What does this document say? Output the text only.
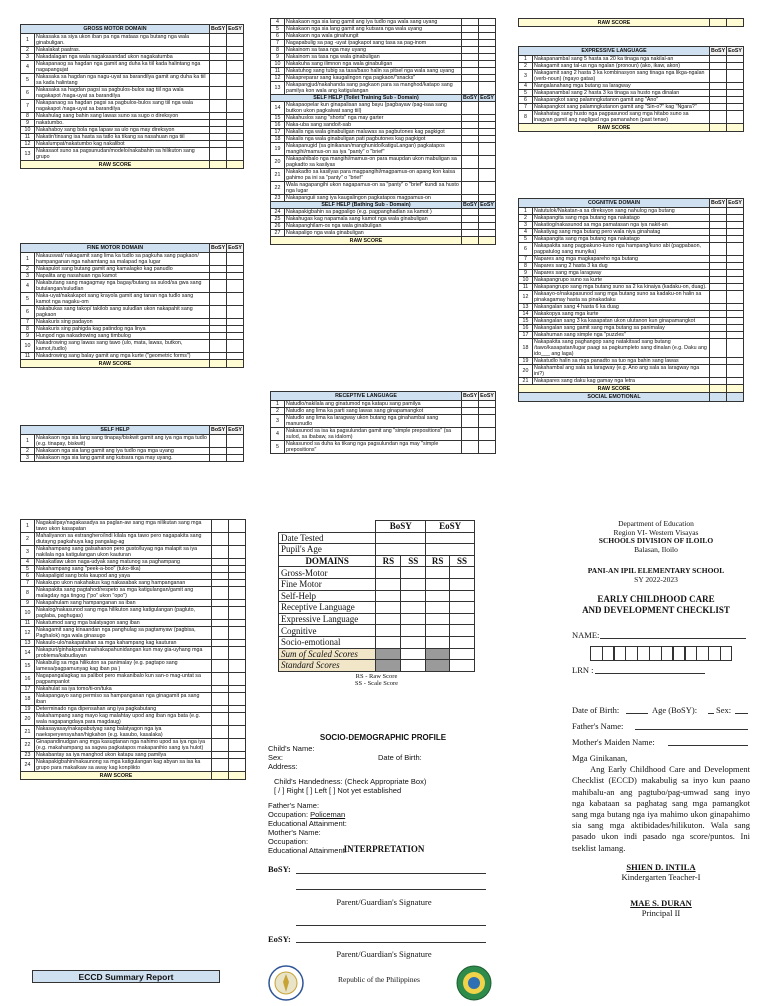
GROSS MOTOR DOMAIN		BoSY	EoSY
1	Nakasaka sa siya ukon iban pa nga mataas nga butang nga wala ginabuligan.		
2	Nakalakat paatras.		
3	Nakadalagan nga wala nagakasandad ukon nagakatumba		
4	Nakapanaog sa hagdan nga gamit ang duha ka tiil kada halintang nga nagapangujat		
5	Nakasaka sa hagdan nga nagu-uyat sa barandilya gamit ang duha ka tiil sa kada halintang		
6	Nakasaka sa hagdan pagsi sa pagbulos-bulos sag tiil nga wala nagakapot /naga-uyat sa barandilya		
7	Nakapanaog sa hagdan pagsi sa pagbulos-bulos sang tiil nga wala nagakapot /naga-uyat sa barandilya		
8	Nakahulag sang bahin sang lawas suno sa sugo o direksyon		
9	nakatumbo.		
10	Nakahaboy sang bola nga lapaw sa ulo nga may direksyon		
11	Nakatin'tinsang isa hasta sa tatlo ka tikang sa nasahuan nga tiil		
12	Nakalumpat/nakatumbo kag nakalibot		
13	Nakasaot suno sa pagsunudan/modelo/nakabahin sa hilikuton sang grupo		
RAW SCORE			
FINE MOTOR DOMAIN		BoSY	EoSY
1	Nakauswat/ nakagamit sang lima ka tudlo sa pagkuha sang pagkaon/ hampanganan nga nahamtang sa malapad nga lugar		
2	Nakapulot sang butang gamit ang kamalagko kag panudlo		
3	Napalita ang nasahuan nga kamot		
4	Nakabutang sang magagmay nga bagay/butang sa sulod/sa gwa sang butulangan/suludlan		
5	Naka-uyat/nakakapot sang krayola gamit ang tanan nga tudlo sang kamot nga nagaku-om		
6	Nakabukas sang takop/ takilob sang suludlan ukon nakapahit sang pagkaon		
7	Nakakuris sing padayon		
8	Nakakuris sing pahigda kag patindog nga linya		
9	Hungod nga nakadrowing sang timbulog		
10	Nakadrowing sang lawas sang tawo (ulo, mata, lawas, butkon, kamot,/tudlo)		
11	Nakadrowing sang balay gamit ang mga kurte ("geometric forms")		
RAW SCORE			
SELF HELP		BoSY	EoSY
1	Nakakaon nga sia lang sang tinapay/biskwit gamit ang iya nga mga tudlo (e.g. tinapay, biskwit)		
2	Nakakaon nga sia lang gamit ang iya tudlo nga mga uyang		
3	Nakakaon nga sia lang gamit ang kutsara nga may uyang.		
4	Nakakaon nga sia lang gamit ang iya tudlo nga wala sang uyang		
5	Nakakaon nga sia lang gamit ang kutsara nga wala uyang		
6	Nakakaon nga wala ginahungit		
7	Nagapabulig sa pag -uyat /pagkapot sang tasa sa pag-inom		
8	Nakainom sa tasa nga may uyang		
9	Nakainom sa tasa nga wala ginabuligan		
10	Nakakuha sang ilimnon nga wala ginabuligan		
11	Nakatuhog sang tubig sa tasa/baso halin sa pitsel nga wala sang uyang		
12	Nakapreparar sang kaugalingon nga pagkaon/"snacks"		
13	Nakapangjud/nakahanda sang pagkaon para sa manghod/katapo sang pamilya kon wala ang katigulangan		
SELF HELP (Toilet Training Sub - Domain)		BoSY	EoSY
14	Nakapaopelar kun ginapalisan sang bayu (pagbayaw /pag-isaa sang butkon ukon pagkalwat sang tiil)		
15	Nakahuslos sang "shorts" nga may garter		
16	Naka-uba sang sando/t-sab		
17	Nakalis nga wala ginabuligan maluwas sa pagbutones kag pagkigot		
18	Nakalis nga wala ginabuligan pati pagbutones kag pagkigot		
19	Nakapanugid (sa ginikanan/manghunido/katiguLangan) pagkatapos mangihi/mamus-on sa iya "panty" o "brief"		
20	Nakapahibalo nga mangihi/mamus-on para maupdan ukon mabuligan sa pagkadto sa kasilyas		
21	Nakakadto sa kasilyas para magpangihi/magpamus-on apang kon kaisa gahimo pa ini sa "panty" o "brief"		
22	Wala nagapangihi ukon nagapamus-on sa "panty" o "brief" kundi sa husto nga lugar		
23	Nakapanguii sang iya kaugalingon pagkatapos magpamus-on		
SELF HELP (Bathing Sub - Domain)		BoSY	EoSY
24	Nakapakigbahin sa pagpaligo (e.g. pagpanghadian sa kamot )		
25	Nakahugas kag napamala sang kamot nga wala ginabuligan		
26	Nakapanghilam-os nga wala ginabuligan		
27	Nakapaligo nga wala ginabuligan		
RAW SCORE			
RECEPTIVE LANGUAGE		BoSY	EoSY
1	Natudlo/nakilala ang ginatumod nga katapu sang pamilya		
2	Natudlo ang lima ka parti sang lawas sang ginapamangkot		
3	Natudlo ang lima ka laragway ukon butang nga ginahambal sang manunudlo		
4	Nakasunod sa isa ka pagsulundan gamit ang "simple prepositions" (sa sulod, sa ibabaw, sa idalom)		
5	Nakasunod sa duha ka tikang nga pagsulundan nga may "simple prepositions"		
RAW SCORE		
EXPRESSIVE LANGUAGE		BoSY	EoSY
1	Nakapanambal sang 5 hasta sa 20 ka tinaga nga nakilal-an		
2	Nakagamit sang tal-us nga ngalan (pronoun) (ako, ikaw, akon)		
3	Nakagamit sang 2 hasta 3 ka kombinasyon sang tinaga nga likga-ngalan (verb-noun) (ngayo gatas)		
4	Nangalanahang mga butang sa laragway		
5	Nakapanambal sang 2 hasta 3 ka tinaga sa husto nga dinalan		
6	Nakapangkot sang palamngkutanon gamit ang "Ano"		
7	Nakapangkot sang palamngkutanon gamit ang "Sin-o?" kag "Ngara?"		
8	Nakahatag sang husto nga pagpasunod sang mga hitabo suno sa inagyan gamit ang nagligad nga pamanahon (past tense)		
RAW SCORE			
COGNITIVE DOMAIN		BoSY	EoSY
1	Natutulok/Nakatan-a sa direksyon sang nahulog nga butang		
2	Nakapangita sang mga butang nga nakatago		
3	Nakatiog/nakasunod sa mga pamatasan nga iya nakit-an		
4	Nakatiyag sang mga butang pero wala niya ginahatag		
5	Nakapangita sang mga butang nga nakatago		
6	Nakapakita sang pagpakuno-kuno nga hampang/kuno abi (pagpabaon, pagpatulog sang munyika)		
7	Napares ang mga magkapareho nga butang		
8	Napares sang 2 hasta 3 ka dug		
9	Napares sang mga laragway		
10	Nakapangrupo suno sa kurte		
11	Nakapangrupo sang mga butang suno sa 2 ka kinaiya (kadaku-on, duag).		
12	Nakaayo-o/nakapasunod sang mga butang suno sa kadaku-on halin sa pinakagamay hasta sa pinakadaku		
13	Nakangalan sang 4 hasta 6 ka duag		
14	Nakakopya sang mga kurte		
15	Nakangalan sang 3 ka kasapatan ukon ulutanon kun ginapamangkot		
16	Nakangalan sang gamit sang mga butang sa panimalay		
17	Nakahuman sang simple nga "puzzles"		
18	Nakapakita sang paghangop sang natakitsad sang butang /tawo/kasapatan/lugar paagi sa pagkumpleto sang dinalan (e.g. Daku ang ido___ ang laga)		
19	Nakatudlo halin sa mga panadto sa tuo nga bahin sang lawas		
20	Nakahambal ang sala sa laragway (e.g. Ano ang sala sa laragway nga ini?)		
21	Nakapares sang daku kag gamay nga letra		
RAW SCORE			
SOCIAL EMOTIONAL			
1	Nagakalipay/nagakasadya sa paglan-aw sang mga nilikutan sang mga tawo ukon kasapatan		
2	Mahaliyanon sa estranghero/indi kilala nga tawo pero nagapakita sang diutayng pagkahuya kag pangalag-ag		
3	Nakahampang sang galsahanon pero gusto/luyag nga malapit sa iya nakilala nga katigulangan ukon kauturan		
4	Nakakatlaw ukon naga-udyak sang matunog sa paghampang		
5	Nakahampang sang "peek-a-boo" (tuko-tika)		
6	Nakapaligid sang bola kaupod ang yaya		
7	Nakakupo ukon nakahakus kag nakasabak sang hampanganan		
8	Nakapakita sang pagtahod/respeto sa mga katigulangan/gamit ang malagday nga tingog ("po" ukon "opo")		
9	Nakapahulam sang hampanganan sa iban		
10	Nakalog/nakasunod sang mga hilikuton sang katigulangan (pagluto, paglaba, paghugas)		
11	Nakatumod sang mga balatyagon sang iban		
12	Nakagamit sang kinaandan nga panghulag sa pagtamyaw (pagbisa, Paghalok) nga wala ginasugo		
13	Nakaulo-ulo/nakapatahan sa mga kahampang kag kauturan		
14	Nakapuri/ginhakpanhuna/nakapahunidangan kun may gia-uyhang mga problema/kabudlayan		
15	Nakabulig sa mga hilikuton sa panimalay (e.g. pagtapo sang lamesa/pagpamunyag kag iban pa )		
16	Nagapangalagkag sa palibot pero makanibalo kun san-o mag-untat sa pagpampanlot		
17	Nakahulat sa iya tomo/ti-on/tuka		
18	Nakapangayo sang permiso sa hampanganan nga ginagamit pa sang iban		
19	Determinado nga dipensahan ang iya pagkabutang		
20	Nakahampang sang mayo kag malahtay upod ang iban nga bata (e.g. wala nagapangdaya para magdaug)		
21	Nakasayasay/nakapabutyag sang balatyagon nga iya naeksperyensyahan/higkahon (e.g. kasubo, kasalaka)		
22	Ginapandinudgan ang mga kasugtanan nga nahimo upod sa iya nga iya (e.g. makahampang sa sagwa pagkatapos makapanihio sang iya hulot)		
23	Nakabantay sa iya manghod ukon katapu sang pamilya		
24	Nakapakigbahin/nakaunong sa mga katigulangan kag abyan sa isa ka grupo para makaikaw sa away kag konplikto		
RAW SCORE			
ECCD Summary Report	Republic of the Philippines
	BoSY		EoSY	
Date Tested				
Pupil's Age				
DOMAINS	RS	SS	RS	SS
Gross-Motor				
Fine Motor				
Self-Help				
Receptive Language				
Expressive Language				
Cognitive				
Socio-emotional				
Sum of Scaled Scores				
Standard Scores				
RS - Raw Score
SS - Scale Score
SOCIO-DEMOGRAPHIC PROFILE
Child's Name:
Sex:	Date of Birth:
Address:
Child's Handedness: (Check Appropriate Box)
[ / ] Right [ ] Left [ ] Not yet established
Father's Name:
Occupation: Policeman
Educational Attainment:
Mother's Name:
Occupation:
Educational Attainment:
INTERPRETATION
BoSY:
Parent/Guardian's Signature
EoSY:
Parent/Guardian's Signature
Department of Education
Region VI- Western Visayas
SCHOOLS DIVISION OF ILOILO
Balasan, Iloilo
PANI-AN IPIL ELEMENTARY SCHOOL
SY 2022-2023
EARLY CHILDHOOD CARE
AND DEVELOPMENT CHECKLIST
NAME:
LRN :
Date of Birth:	Age (BoSY): Sex:
Father's Name:
Mother's Maiden Name:
Mga Ginikanan,
Ang Early Childhood Care and Development Checklist (ECCD) makabulig sa inyo kun paano mahibalu-an ang pagtubo/pag-umwad sang inyo nga kabataan sa paghatag sang mga pamangkot sang mga butang nga iya mahimo ukon ginapahimo sia sang mga aktibidades/hilikuton. Wala sang pasado ukon indi pasado nga score/puntos. Ini tseklist lamang.
SHIEN D. INTILA
Kindergarten Teacher-I
MAE S. DURAN
Principal II
